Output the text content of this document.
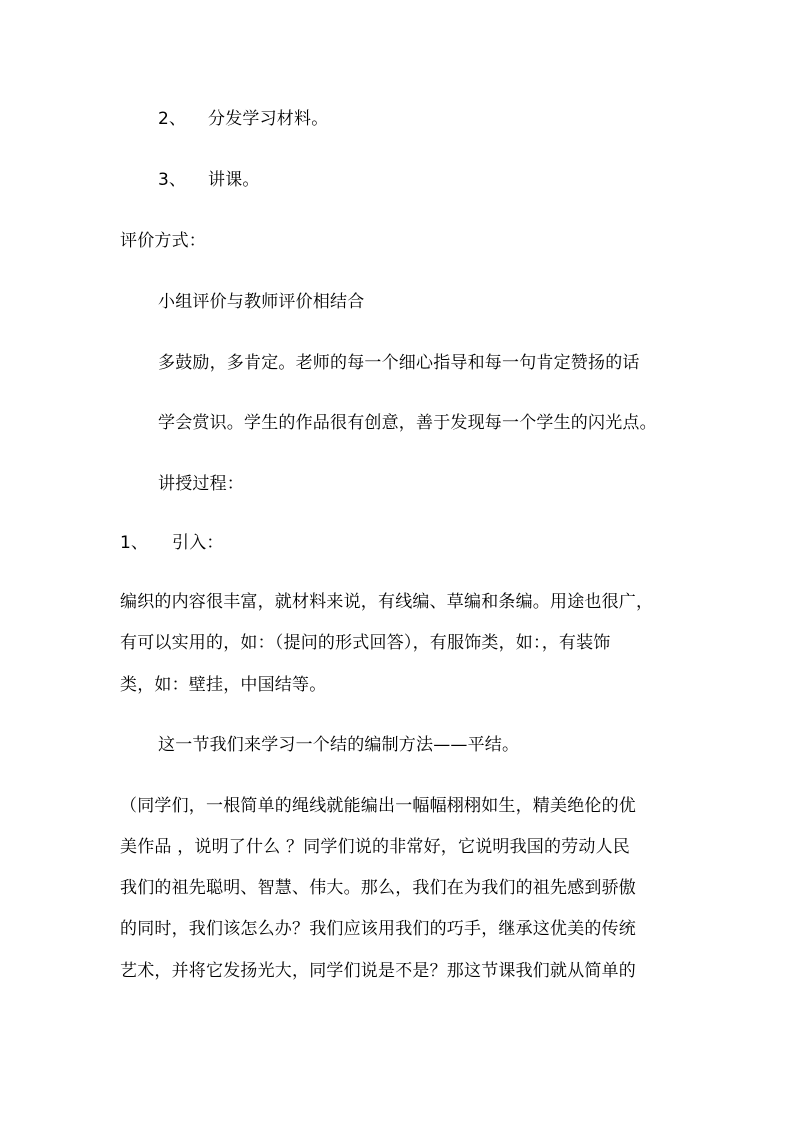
2、 分发学习材料。
3、 讲课。
评价方式：
小组评价与教师评价相结合
多鼓励，多肯定。老师的每一个细心指导和每一句肯定赞扬的话
学会赏识。学生的作品很有创意，善于发现每一个学生的闪光点。
讲授过程：
1、 引入：
编织的内容很丰富，就材料来说，有线编、草编和条编。用途也很广，
有可以实用的，如：（提问的形式回答），有服饰类，如：，有装饰
类，如：壁挂，中国结等。
这一节我们来学习一个结的编制方法——平结。
（同学们，一根简单的绳线就能编出一幅幅栩栩如生，精美绝伦的优
美作品 ，说明了什么 ？同学们说的非常好，它说明我国的劳动人民
我们的祖先聪明、智慧、伟大。那么，我们在为我们的祖先感到骄傲
的同时，我们该怎么办？我们应该用我们的巧手，继承这优美的传统
艺术，并将它发扬光大，同学们说是不是？那这节课我们就从简单的
